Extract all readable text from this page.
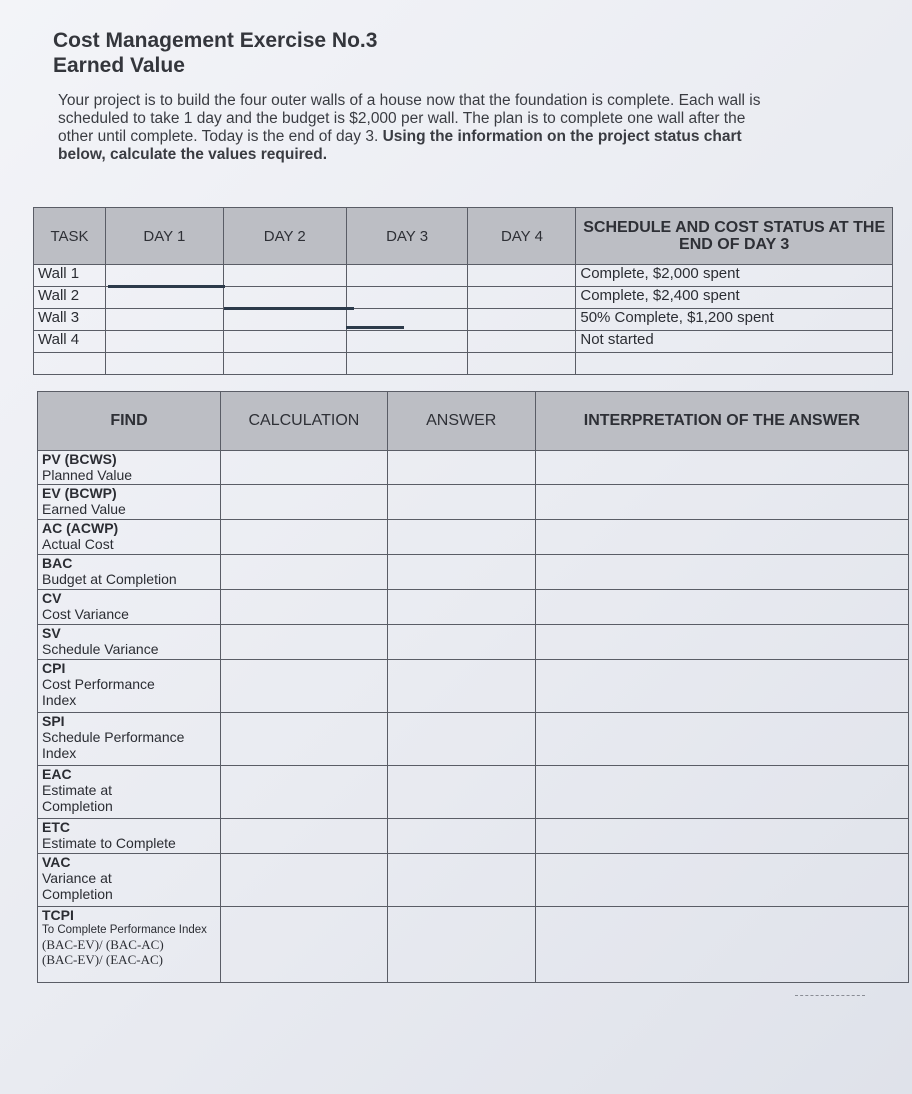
Cost Management Exercise No.3
Earned Value
Your project is to build the four outer walls of a house now that the foundation is complete. Each wall is scheduled to take 1 day and the budget is $2,000 per wall. The plan is to complete one wall after the other until complete. Today is the end of day 3. Using the information on the project status chart below, calculate the values required.
TASK	DAY 1	DAY 2	DAY 3	DAY 4	SCHEDULE AND COST STATUS AT THE END OF DAY 3
Wall 1					Complete, $2,000 spent
Wall 2					Complete, $2,400 spent
Wall 3					50% Complete, $1,200 spent
Wall 4					Not started

FIND	CALCULATION	ANSWER	INTERPRETATION OF THE ANSWER

PV (BCWS)
Planned Value			

EV (BCWP)
Earned Value			

AC (ACWP)
Actual Cost			

BAC
Budget at Completion			

CV
Cost Variance			

SV
Schedule Variance			

CPI
Cost Performance Index			

SPI
Schedule Performance Index			

EAC
Estimate at Completion			

ETC
Estimate to Complete			

VAC
Variance at Completion			

TCPI
To Complete Performance Index
(BAC-EV)/ (BAC-AC)
(BAC-EV)/ (EAC-AC)			
